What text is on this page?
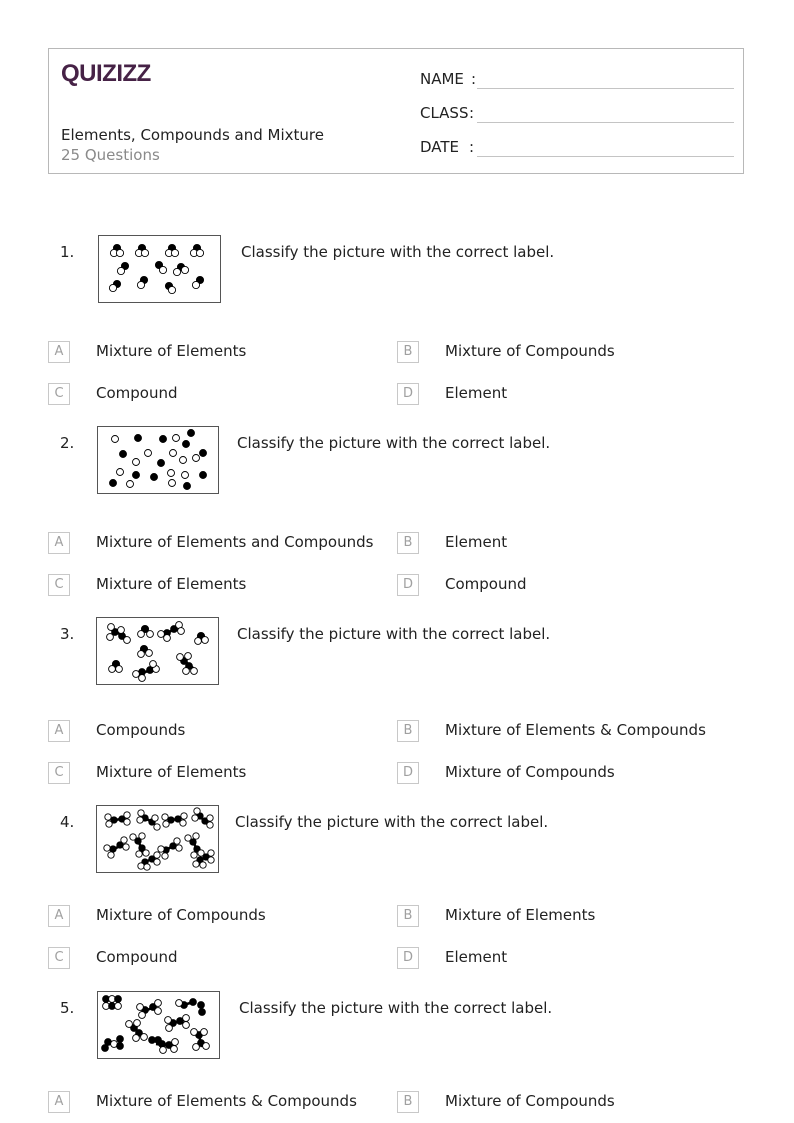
QUIZIZZ
Elements, Compounds and Mixture
25 Questions
NAME :
CLASS :
DATE :
1.	Classify the picture with the correct label.
A	Mixture of Elements	B	Mixture of Compounds
C	Compound	D	Element
2.	Classify the picture with the correct label.
A	Mixture of Elements and Compounds	B	Element
C	Mixture of Elements	D	Compound
3.	Classify the picture with the correct label.
A	Compounds	B	Mixture of Elements & Compounds
C	Mixture of Elements	D	Mixture of Compounds
4.	Classify the picture with the correct label.
A	Mixture of Compounds	B	Mixture of Elements
C	Compound	D	Element
5.	Classify the picture with the correct label.
A	Mixture of Elements & Compounds	B	Mixture of Compounds
